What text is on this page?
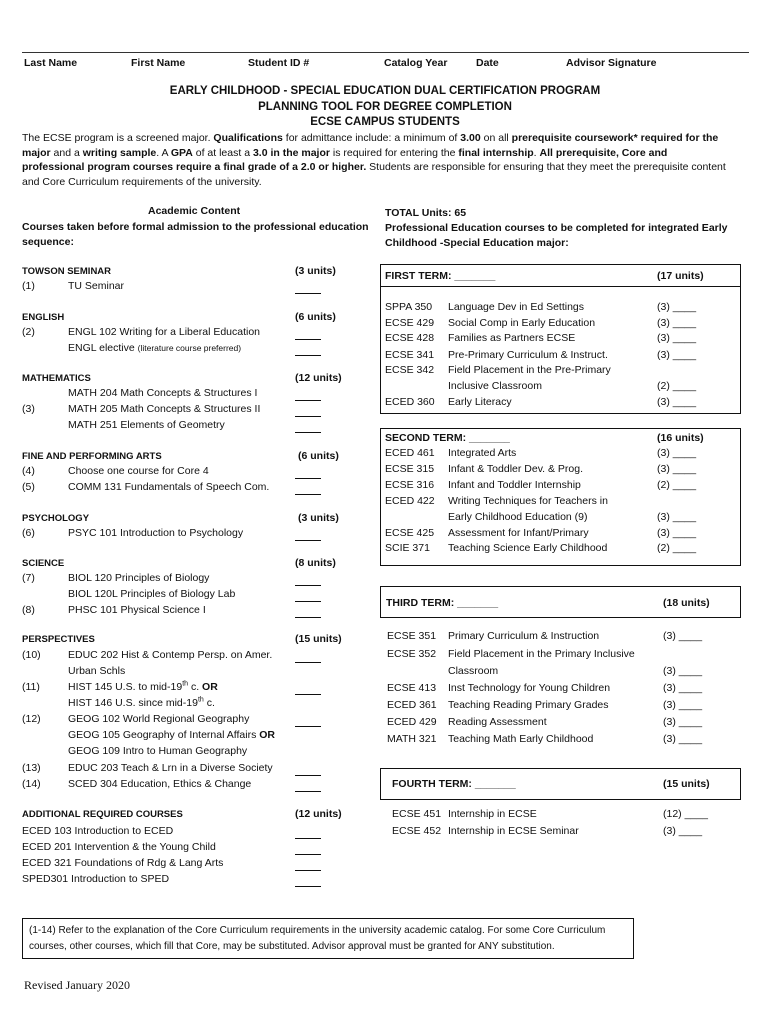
Last Name	First Name	Student ID #	Catalog Year	Date	Advisor Signature
EARLY CHILDHOOD - SPECIAL EDUCATION DUAL CERTIFICATION PROGRAM
PLANNING TOOL FOR DEGREE COMPLETION
ECSE CAMPUS STUDENTS
The ECSE program is a screened major. Qualifications for admittance include: a minimum of 3.00 on all prerequisite coursework* required for the major and a writing sample. A GPA of at least a 3.0 in the major is required for entering the final internship. All prerequisite, Core and professional program courses require a final grade of a 2.0 or higher. Students are responsible for ensuring that they meet the prerequisite content and Core Curriculum requirements of the university.
Academic Content
Courses taken before formal admission to the professional education
sequence:
TOWSON SEMINAR	(3 units)
(1)	TU Seminar
ENGLISH	(6 units)
(2)	ENGL 102 Writing for a Liberal Education
ENGL elective (literature course preferred)
MATHEMATICS	(12 units)
MATH 204 Math Concepts & Structures I
(3)	MATH 205 Math Concepts & Structures II
MATH 251 Elements of Geometry
FINE AND PERFORMING ARTS	(6 units)
(4)	Choose one course for Core 4
(5)	COMM 131 Fundamentals of Speech Com.
PSYCHOLOGY	(3 units)
(6)	PSYC 101 Introduction to Psychology
SCIENCE	(8 units)
(7)	BIOL 120 Principles of Biology
BIOL 120L Principles of Biology Lab
(8)	PHSC 101 Physical Science I
PERSPECTIVES	(15 units)
(10)	EDUC 202 Hist & Contemp Persp. on Amer.
Urban Schls
(11)	HIST 145 U.S. to mid-19th c. OR
HIST 146 U.S. since mid-19th c.
(12)	GEOG 102 World Regional Geography
GEOG 105 Geography of Internal Affairs OR
GEOG 109 Intro to Human Geography
(13)	EDUC 203 Teach & Lrn in a Diverse Society
(14)	SCED 304 Education, Ethics & Change
ADDITIONAL REQUIRED COURSES	(12 units)
ECED 103 Introduction to ECED
ECED 201 Intervention & the Young Child
ECED 321 Foundations of Rdg & Lang Arts
SPED301 Introduction to SPED
TOTAL Units: 65
Professional Education courses to be completed for integrated Early
Childhood -Special Education major:
FIRST TERM: _______	(17 units)
SPPA 350 Language Dev in Ed Settings	(3) ____
ECSE 429 Social Comp in Early Education	(3) ____
ECSE 428 Families as Partners ECSE	(3) ____
ECSE 341 Pre-Primary Curriculum & Instruct.	(3) ____
ECSE 342 Field Placement in the Pre-Primary
Inclusive Classroom	(2) ____
ECED 360 Early Literacy	(3) ____
SECOND TERM: _______	(16 units)
ECED 461 Integrated Arts	(3) ____
ECSE 315 Infant & Toddler Dev. & Prog.	(3) ____
ECSE 316 Infant and Toddler Internship	(2) ____
ECED 422 Writing Techniques for Teachers in
Early Childhood Education (9)	(3) ____
ECSE 425 Assessment for Infant/Primary	(3) ____
SCIE 371 Teaching Science Early Childhood	(2) ____
THIRD TERM: _______	(18 units)
ECSE 351 Primary Curriculum & Instruction	(3) ____
ECSE 352 Field Placement in the Primary Inclusive
Classroom	(3) ____
ECSE 413 Inst Technology for Young Children	(3) ____
ECED 361 Teaching Reading Primary Grades	(3) ____
ECED 429 Reading Assessment	(3) ____
MATH 321 Teaching Math Early Childhood	(3) ____
FOURTH TERM: _______	(15 units)
ECSE 451 Internship in ECSE	(12) ____
ECSE 452 Internship in ECSE Seminar	(3) ____
(1-14) Refer to the explanation of the Core Curriculum requirements in the university academic catalog. For some Core Curriculum courses, other courses, which fill that Core, may be substituted. Advisor approval must be granted for ANY substitution.
Revised January 2020
